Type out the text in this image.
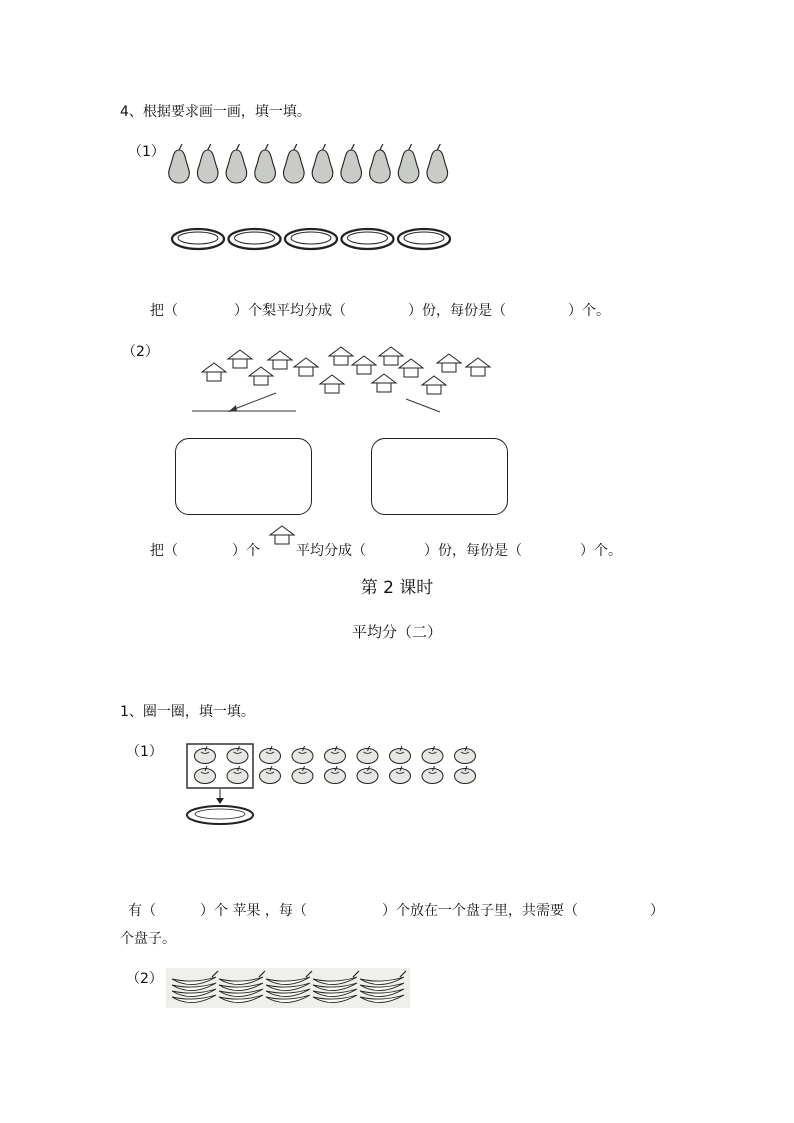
4、根据要求画一画，填一填。
（1）
把（	）个梨平均分成（	）份，每份是（	）个。
（2）
把（	）个	平均分成（	）份，每份是（	）个。
第 2 课时
平均分（二）
1、圈一圈，填一填。
（1）
有（	）个 苹果 ，每（	）个放在一个盘子里，共需要（	）
个盘子。
（2）
